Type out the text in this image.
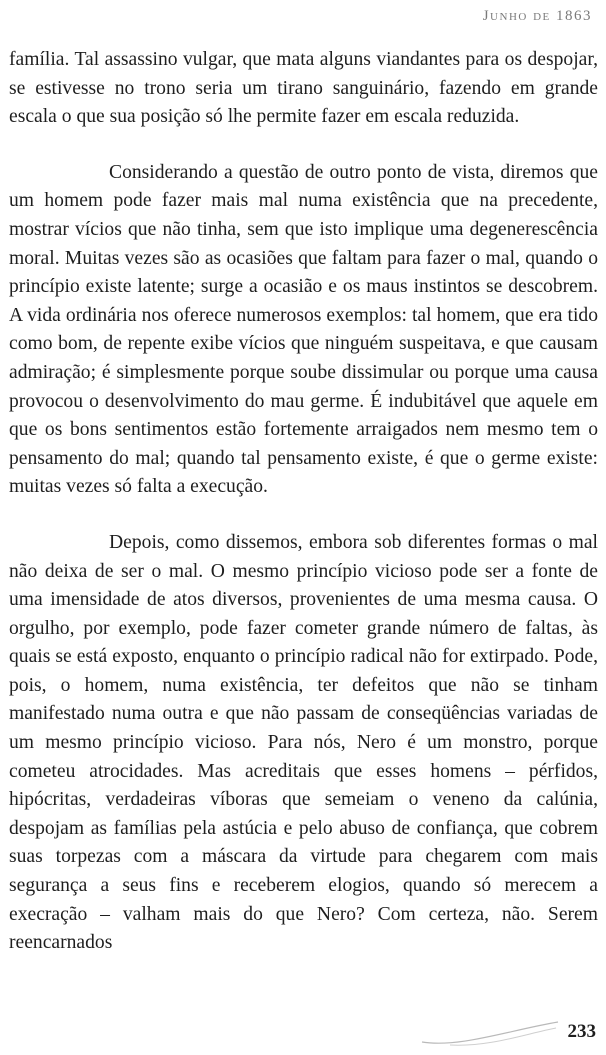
Junho de 1863

família. Tal assassino vulgar, que mata alguns viandantes para os despojar, se estivesse no trono seria um tirano sanguinário, fazendo em grande escala o que sua posição só lhe permite fazer em escala reduzida.

Considerando a questão de outro ponto de vista, diremos que um homem pode fazer mais mal numa existência que na precedente, mostrar vícios que não tinha, sem que isto implique uma degenerescência moral. Muitas vezes são as ocasiões que faltam para fazer o mal, quando o princípio existe latente; surge a ocasião e os maus instintos se descobrem. A vida ordinária nos oferece numerosos exemplos: tal homem, que era tido como bom, de repente exibe vícios que ninguém suspeitava, e que causam admiração; é simplesmente porque soube dissimular ou porque uma causa provocou o desenvolvimento do mau germe. É indubitável que aquele em que os bons sentimentos estão fortemente arraigados nem mesmo tem o pensamento do mal; quando tal pensamento existe, é que o germe existe: muitas vezes só falta a execução.

Depois, como dissemos, embora sob diferentes formas o mal não deixa de ser o mal. O mesmo princípio vicioso pode ser a fonte de uma imensidade de atos diversos, provenientes de uma mesma causa. O orgulho, por exemplo, pode fazer cometer grande número de faltas, às quais se está exposto, enquanto o princípio radical não for extirpado. Pode, pois, o homem, numa existência, ter defeitos que não se tinham manifestado numa outra e que não passam de conseqüências variadas de um mesmo princípio vicioso. Para nós, Nero é um monstro, porque cometeu atrocidades. Mas acreditais que esses homens – pérfidos, hipócritas, verdadeiras víboras que semeiam o veneno da calúnia, despojam as famílias pela astúcia e pelo abuso de confiança, que cobrem suas torpezas com a máscara da virtude para chegarem com mais segurança a seus fins e receberem elogios, quando só merecem a execração – valham mais do que Nero? Com certeza, não. Serem reencarnados

233
